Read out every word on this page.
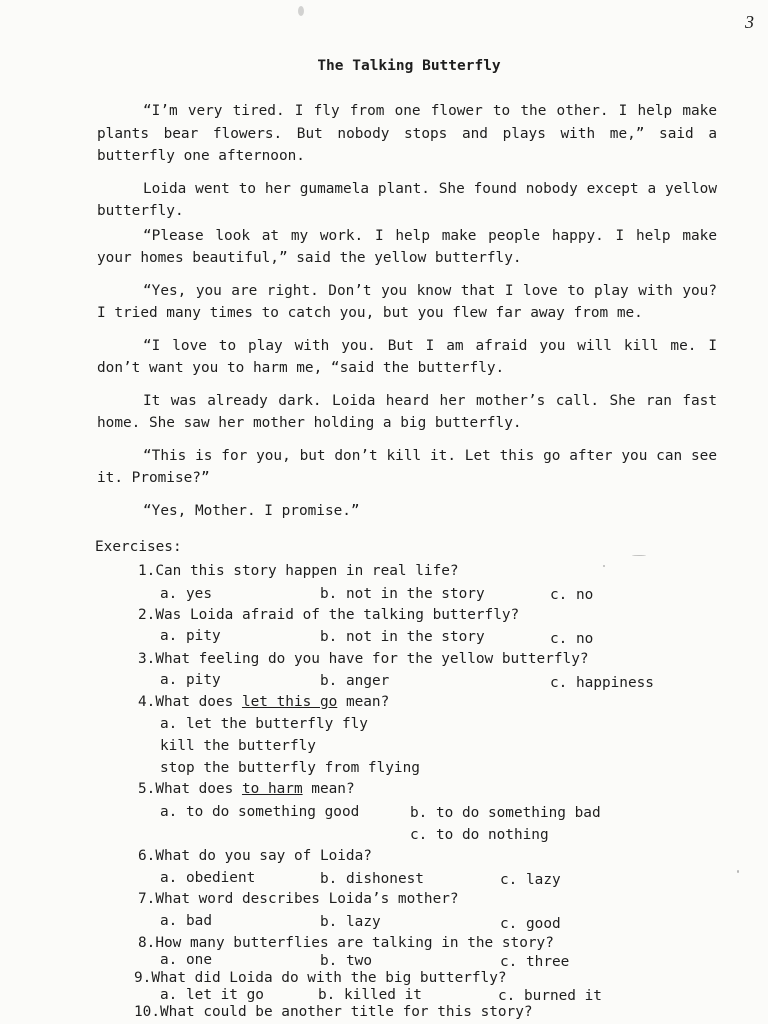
3
The Talking Butterfly

“I’m very tired. I fly from one flower to the other. I help make plants bear flowers. But nobody stops and plays with me,” said a butterfly one afternoon.

Loida went to her gumamela plant. She found nobody except a yellow butterfly.

“Please look at my work. I help make people happy. I help make your homes beautiful,” said the yellow butterfly.

“Yes, you are right. Don’t you know that I love to play with you? I tried many times to catch you, but you flew far away from me.

“I love to play with you. But I am afraid you will kill me. I don’t want you to harm me, “said the butterfly.

It was already dark. Loida heard her mother’s call. She ran fast home. She saw her mother holding a big butterfly.

“This is for you, but don’t kill it. Let this go after you can see it. Promise?”

“Yes, Mother. I promise.”

Exercises:
1.Can this story happen in real life?
a. yes	b. not in the story	c. no
2.Was Loida afraid of the talking butterfly?
a. pity	b. not in the story	c. no
3.What feeling do you have for the yellow butterfly?
a. pity	b. anger	c. happiness
4.What does let this go mean?
a. let the butterfly fly
kill the butterfly
stop the butterfly from flying
5.What does to harm mean?
a. to do something good	b. to do something bad
c. to do nothing
6.What do you say of Loida?
a. obedient	b. dishonest	c. lazy
7.What word describes Loida’s mother?
a. bad	b. lazy	c. good
8.How many butterflies are talking in the story?
a. one	b. two	c. three
9.What did Loida do with the big butterfly?
a. let it go	b. killed it	c. burned it
10.What could be another title for this story?
